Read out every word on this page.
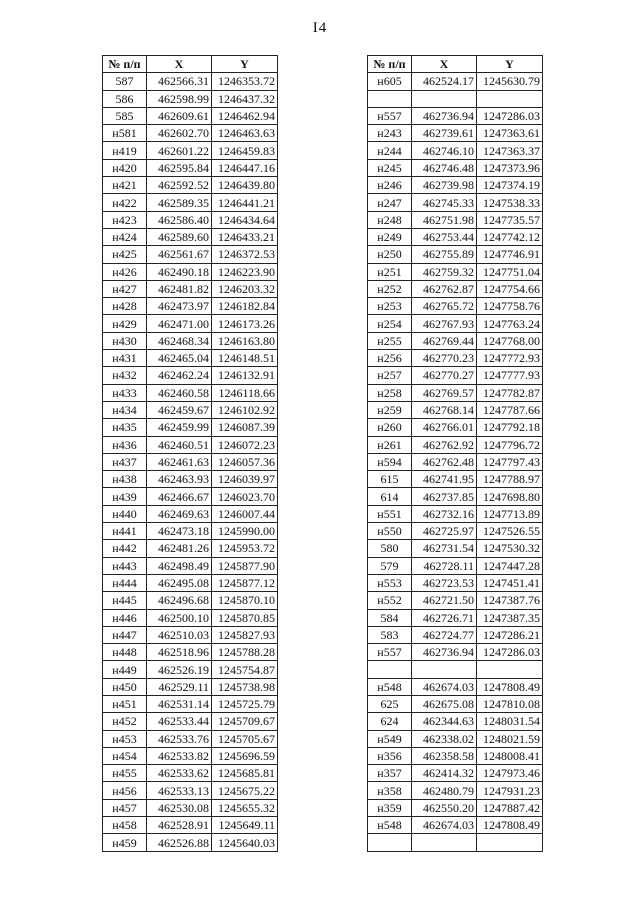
I4
№ п/п	X	Y
587	462566.31	1246353.72
586	462598.99	1246437.32
585	462609.61	1246462.94
н581	462602.70	1246463.63
н419	462601.22	1246459.83
н420	462595.84	1246447.16
н421	462592.52	1246439.80
н422	462589.35	1246441.21
н423	462586.40	1246434.64
н424	462589.60	1246433.21
н425	462561.67	1246372.53
н426	462490.18	1246223.90
н427	462481.82	1246203.32
н428	462473.97	1246182.84
н429	462471.00	1246173.26
н430	462468.34	1246163.80
н431	462465.04	1246148.51
н432	462462.24	1246132.91
н433	462460.58	1246118.66
н434	462459.67	1246102.92
н435	462459.99	1246087.39
н436	462460.51	1246072.23
н437	462461.63	1246057.36
н438	462463.93	1246039.97
н439	462466.67	1246023.70
н440	462469.63	1246007.44
н441	462473.18	1245990.00
н442	462481.26	1245953.72
н443	462498.49	1245877.90
н444	462495.08	1245877.12
н445	462496.68	1245870.10
н446	462500.10	1245870.85
н447	462510.03	1245827.93
н448	462518.96	1245788.28
н449	462526.19	1245754.87
н450	462529.11	1245738.98
н451	462531.14	1245725.79
н452	462533.44	1245709.67
н453	462533.76	1245705.67
н454	462533.82	1245696.59
н455	462533.62	1245685.81
н456	462533.13	1245675.22
н457	462530.08	1245655.32
н458	462528.91	1245649.11
н459	462526.88	1245640.03
№ п/п	X	Y
н605	462524.17	1245630.79

н557	462736.94	1247286.03
н243	462739.61	1247363.61
н244	462746.10	1247363.37
н245	462746.48	1247373.96
н246	462739.98	1247374.19
н247	462745.33	1247538.33
н248	462751.98	1247735.57
н249	462753.44	1247742.12
н250	462755.89	1247746.91
н251	462759.32	1247751.04
н252	462762.87	1247754.66
н253	462765.72	1247758.76
н254	462767.93	1247763.24
н255	462769.44	1247768.00
н256	462770.23	1247772.93
н257	462770.27	1247777.93
н258	462769.57	1247782.87
н259	462768.14	1247787.66
н260	462766.01	1247792.18
н261	462762.92	1247796.72
н594	462762.48	1247797.43
615	462741.95	1247788.97
614	462737.85	1247698.80
н551	462732.16	1247713.89
н550	462725.97	1247526.55
580	462731.54	1247530.32
579	462728.11	1247447.28
н553	462723.53	1247451.41
н552	462721.50	1247387.76
584	462726.71	1247387.35
583	462724.77	1247286.21
н557	462736.94	1247286.03

н548	462674.03	1247808.49
625	462675.08	1247810.08
624	462344.63	1248031.54
н549	462338.02	1248021.59
н356	462358.58	1248008.41
н357	462414.32	1247973.46
н358	462480.79	1247931.23
н359	462550.20	1247887.42
н548	462674.03	1247808.49
